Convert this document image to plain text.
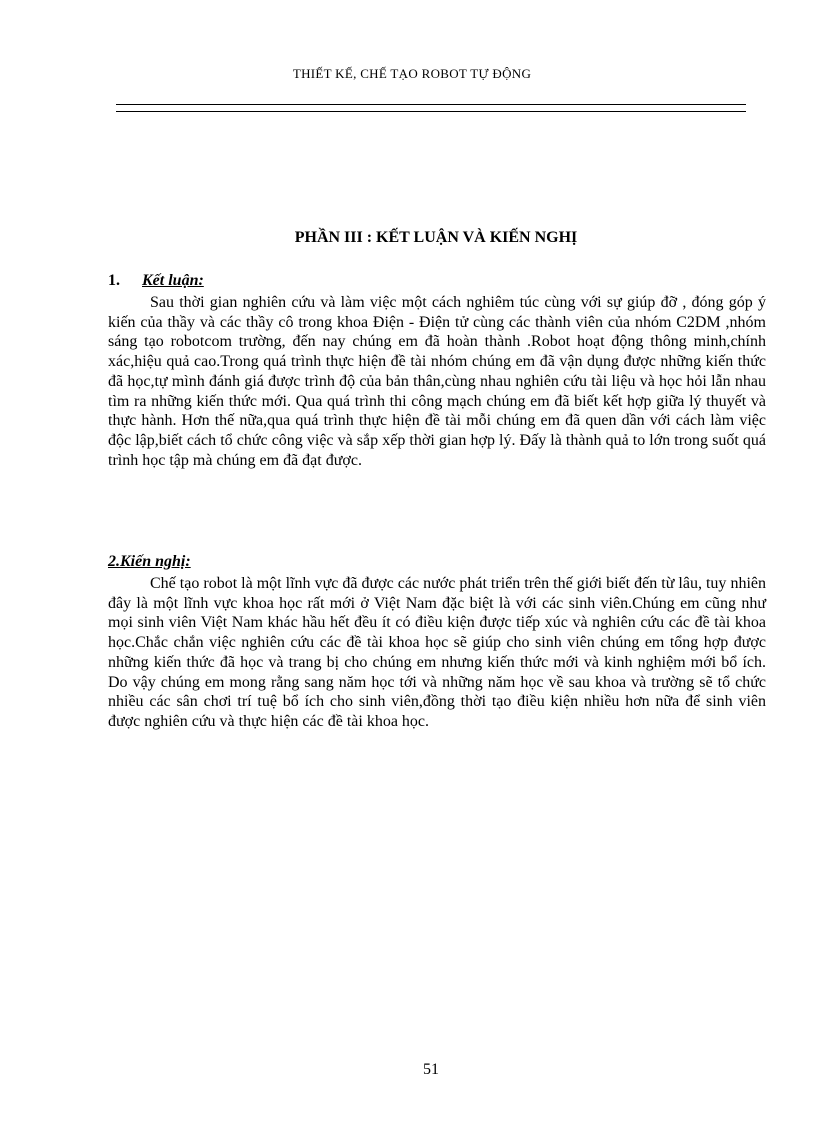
THIẾT KẾ, CHẾ TẠO ROBOT TỰ ĐỘNG
PHẦN III : KẾT LUẬN VÀ KIẾN NGHỊ
1. Kết luận:
Sau thời gian nghiên cứu và làm việc một cách nghiêm túc cùng với sự giúp đỡ , đóng góp ý kiến của thầy và các thầy cô trong khoa Điện - Điện tử cùng các thành viên của nhóm C2DM ,nhóm sáng tạo robotcom trường, đến nay chúng em đã hoàn thành .Robot hoạt động thông minh,chính xác,hiệu quả cao.Trong quá trình thực hiện đề tài nhóm chúng em đã vận dụng được những kiến thức đã học,tự mình đánh giá được trình độ của bản thân,cùng nhau nghiên cứu tài liệu và học hỏi lẫn nhau tìm ra những kiến thức mới. Qua quá trình thi công mạch chúng em đã biết kết hợp giữa lý thuyết và thực hành. Hơn thế nữa,qua quá trình thực hiện đề tài mỗi chúng em đã quen dần với cách làm việc độc lập,biết cách tổ chức công việc và sắp xếp thời gian hợp lý. Đấy là thành quả to lớn trong suốt quá trình học tập mà chúng em đã đạt được.
2.Kiến nghị:
Chế tạo robot là một lĩnh vực đã được các nước phát triển trên thế giới biết đến từ lâu, tuy nhiên đây là một lĩnh vực khoa học rất mới ở Việt Nam đặc biệt là với các sinh viên.Chúng em cũng như mọi sinh viên Việt Nam khác hầu hết đều ít có điều kiện được tiếp xúc và nghiên cứu các đề tài khoa học.Chắc chắn việc nghiên cứu các đề tài khoa học sẽ giúp cho sinh viên chúng em tổng hợp được những kiến thức đã học và trang bị cho chúng em nhưng kiến thức mới và kinh nghiệm mới bổ ích. Do vậy chúng em mong rằng sang năm học tới và những năm học về sau khoa và trường sẽ tổ chức nhiều các sân chơi trí tuệ bổ ích cho sinh viên,đồng thời tạo điều kiện nhiều hơn nữa để sinh viên được nghiên cứu và thực hiện các đề tài khoa học.
51
